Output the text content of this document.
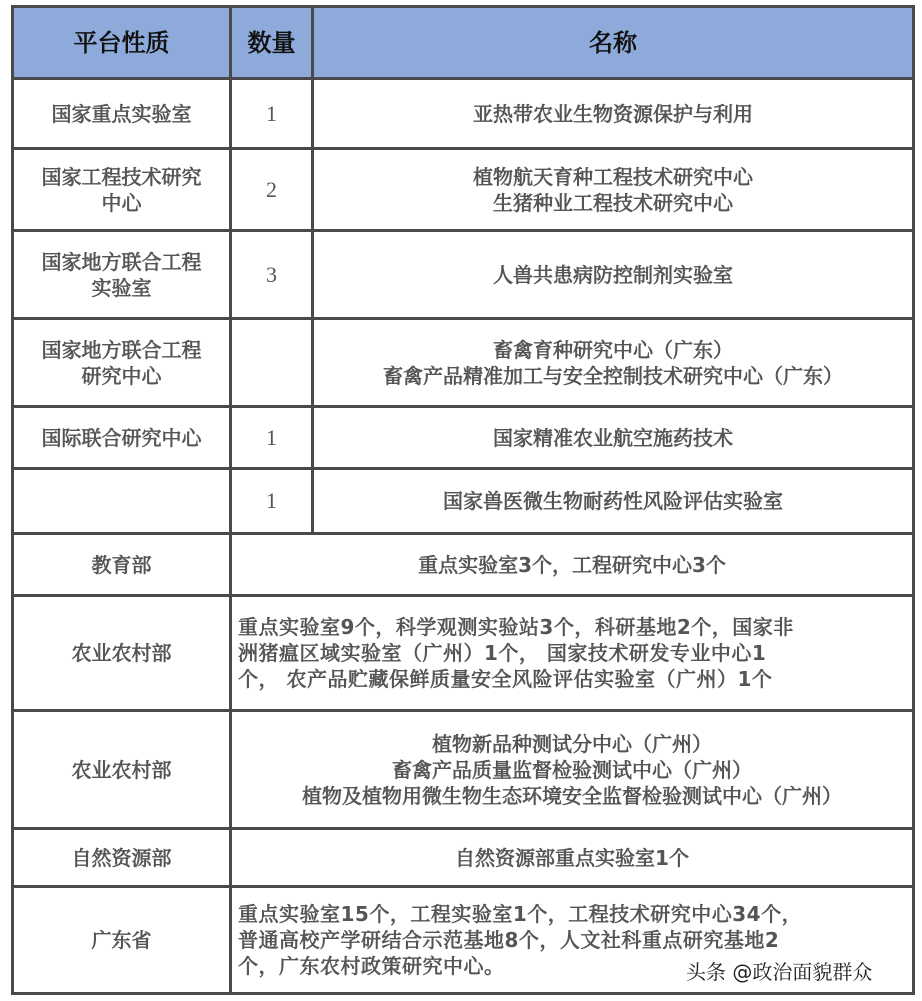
平台性质	数量	名称
国家重点实验室	1	亚热带农业生物资源保护与利用

国家工程技术研究
中心	2	植物航天育种工程技术研究中心
生猪种业工程技术研究中心

国家地方联合工程
实验室	3	人兽共患病防控制剂实验室

国家地方联合工程
研究中心		畜禽育种研究中心（广东）
畜禽产品精准加工与安全控制技术研究中心（广东）

国际联合研究中心	1	国家精准农业航空施药技术

	1	国家兽医微生物耐药性风险评估实验室

教育部	重点实验室3个，工程研究中心3个	

农业农村部	重点实验室9个，科学观测实验站3个，科研基地2个，国家非
洲猪瘟区域实验室（广州）1个， 国家技术研发专业中心1
个， 农产品贮藏保鲜质量安全风险评估实验室（广州）1个	

农业农村部	植物新品种测试分中心（广州）
畜禽产品质量监督检验测试中心（广州）
植物及植物用微生物生态环境安全监督检验测试中心（广州）	

自然资源部	自然资源部重点实验室1个	

广东省	重点实验室15个，工程实验室1个，工程技术研究中心34个，
普通高校产学研结合示范基地8个，人文社科重点研究基地2
个，广东农村政策研究中心。		头条 @政治面貌群众
